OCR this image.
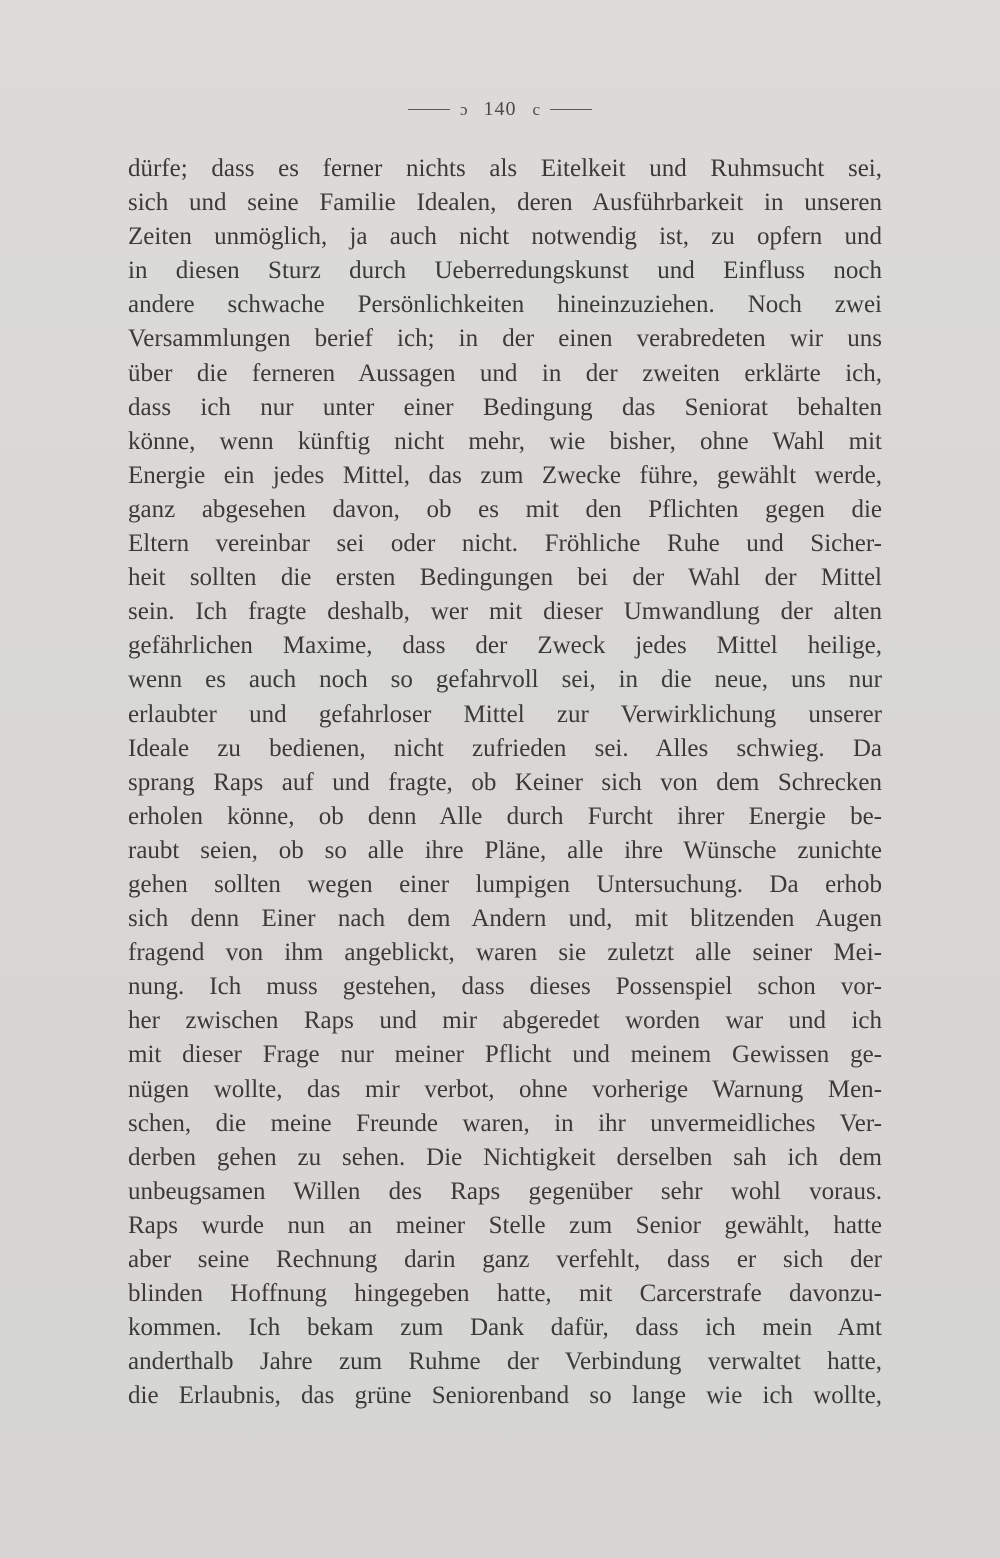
ɔ 140 c
dürfe; dass es ferner nichts als Eitelkeit und Ruhmsucht sei,
sich und seine Familie Idealen, deren Ausführbarkeit in unseren
Zeiten unmöglich, ja auch nicht notwendig ist, zu opfern und
in diesen Sturz durch Ueberredungskunst und Einfluss noch
andere schwache Persönlichkeiten hineinzuziehen. Noch zwei
Versammlungen berief ich; in der einen verabredeten wir uns
über die ferneren Aussagen und in der zweiten erklärte ich,
dass ich nur unter einer Bedingung das Seniorat behalten
könne, wenn künftig nicht mehr, wie bisher, ohne Wahl mit
Energie ein jedes Mittel, das zum Zwecke führe, gewählt werde,
ganz abgesehen davon, ob es mit den Pflichten gegen die
Eltern vereinbar sei oder nicht. Fröhliche Ruhe und Sicher-
heit sollten die ersten Bedingungen bei der Wahl der Mittel
sein. Ich fragte deshalb, wer mit dieser Umwandlung der alten
gefährlichen Maxime, dass der Zweck jedes Mittel heilige,
wenn es auch noch so gefahrvoll sei, in die neue, uns nur
erlaubter und gefahrloser Mittel zur Verwirklichung unserer
Ideale zu bedienen, nicht zufrieden sei. Alles schwieg. Da
sprang Raps auf und fragte, ob Keiner sich von dem Schrecken
erholen könne, ob denn Alle durch Furcht ihrer Energie be-
raubt seien, ob so alle ihre Pläne, alle ihre Wünsche zunichte
gehen sollten wegen einer lumpigen Untersuchung. Da erhob
sich denn Einer nach dem Andern und, mit blitzenden Augen
fragend von ihm angeblickt, waren sie zuletzt alle seiner Mei-
nung. Ich muss gestehen, dass dieses Possenspiel schon vor-
her zwischen Raps und mir abgeredet worden war und ich
mit dieser Frage nur meiner Pflicht und meinem Gewissen ge-
nügen wollte, das mir verbot, ohne vorherige Warnung Men-
schen, die meine Freunde waren, in ihr unvermeidliches Ver-
derben gehen zu sehen. Die Nichtigkeit derselben sah ich dem
unbeugsamen Willen des Raps gegenüber sehr wohl voraus.
Raps wurde nun an meiner Stelle zum Senior gewählt, hatte
aber seine Rechnung darin ganz verfehlt, dass er sich der
blinden Hoffnung hingegeben hatte, mit Carcerstrafe davonzu-
kommen. Ich bekam zum Dank dafür, dass ich mein Amt
anderthalb Jahre zum Ruhme der Verbindung verwaltet hatte,
die Erlaubnis, das grüne Seniorenband so lange wie ich wollte,
